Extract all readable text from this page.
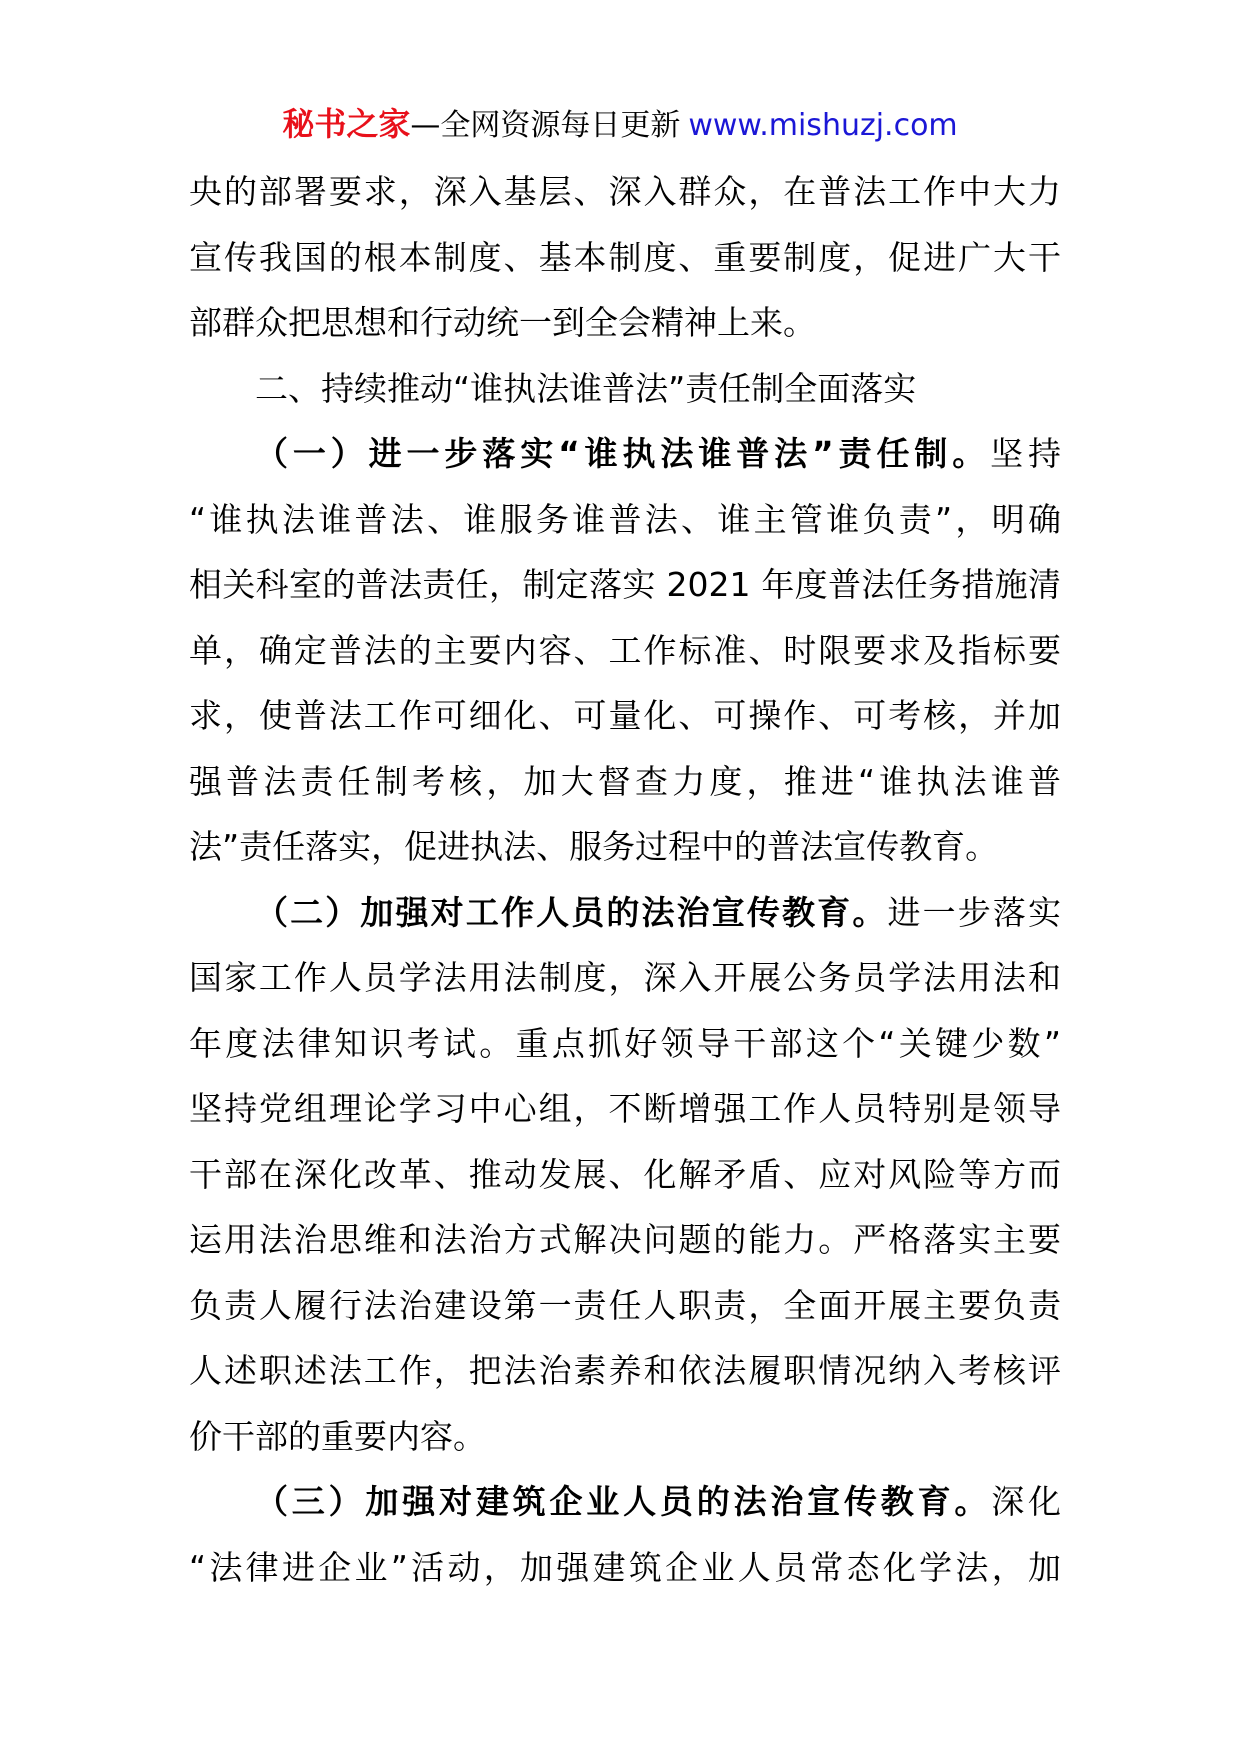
秘书之家—全网资源每日更新 www.mishuzj.com
央的部署要求，深入基层、深入群众，在普法工作中大力
宣传我国的根本制度、基本制度、重要制度，促进广大干
部群众把思想和行动统一到全会精神上来。
二、持续推动“谁执法谁普法”责任制全面落实
（一）进一步落实“谁执法谁普法”责任制。坚持
“谁执法谁普法、谁服务谁普法、谁主管谁负责”，明确
相关科室的普法责任，制定落实 2021 年度普法任务措施清
单，确定普法的主要内容、工作标准、时限要求及指标要
求，使普法工作可细化、可量化、可操作、可考核，并加
强普法责任制考核，加大督查力度，推进“谁执法谁普
法”责任落实，促进执法、服务过程中的普法宣传教育。
（二）加强对工作人员的法治宣传教育。进一步落实
国家工作人员学法用法制度，深入开展公务员学法用法和
年度法律知识考试。重点抓好领导干部这个“关键少数”
坚持党组理论学习中心组，不断增强工作人员特别是领导
干部在深化改革、推动发展、化解矛盾、应对风险等方而
运用法治思维和法治方式解决问题的能力。严格落实主要
负责人履行法治建设第一责任人职责，全面开展主要负责
人述职述法工作，把法治素养和依法履职情况纳入考核评
价干部的重要内容。
（三）加强对建筑企业人员的法治宣传教育。深化
“法律进企业”活动，加强建筑企业人员常态化学法，加
